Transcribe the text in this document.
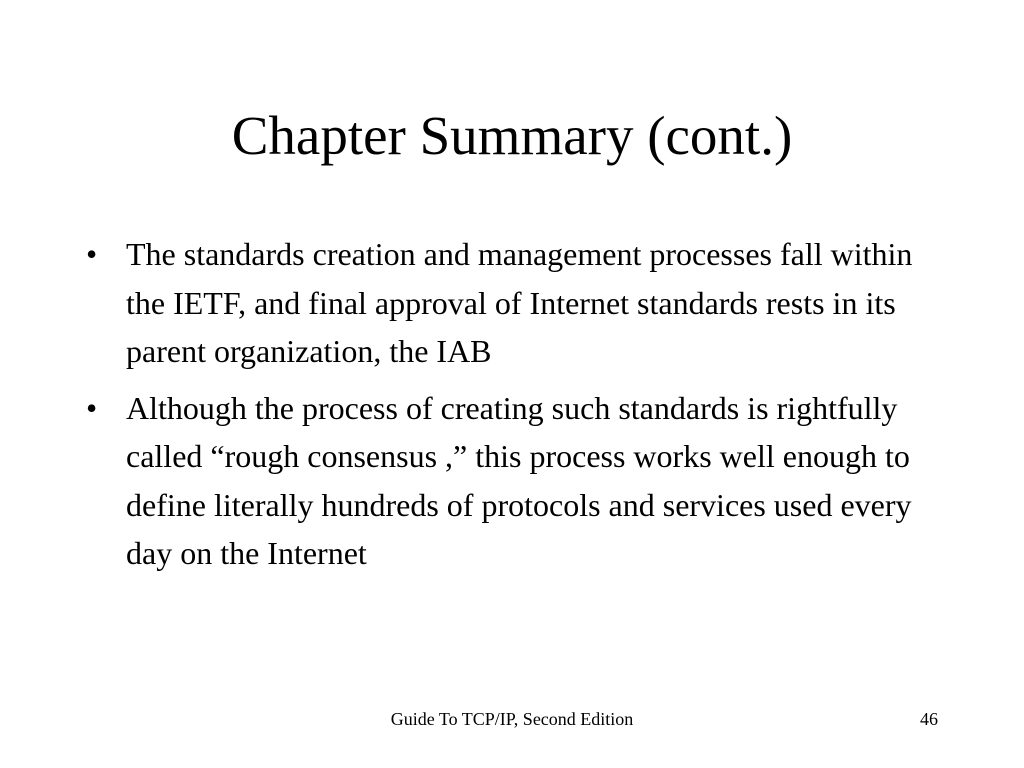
Chapter Summary (cont.)
• The standards creation and management processes fall within the IETF, and final approval of Internet standards rests in its parent organization, the IAB
• Although the process of creating such standards is rightfully called “rough consensus ,” this process works well enough to define literally hundreds of protocols and services used every day on the Internet
Guide To TCP/IP, Second Edition	46
